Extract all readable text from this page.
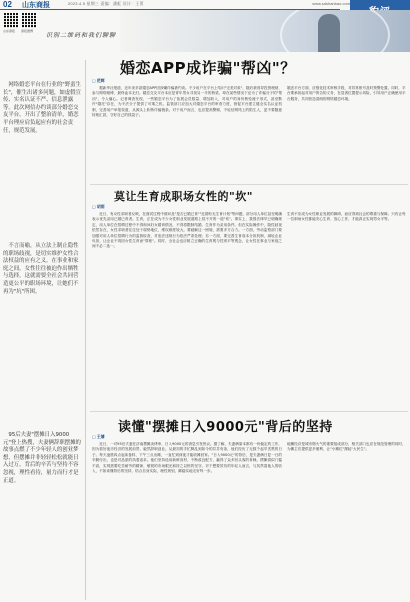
02 山东商报	2023.4.5 星期三 责编：潘虹 设计：王菁	www.sdshanbao.com
山东商报 商报微博
识别二维码和我们聊聊
网络婚恋平台在行业的"野蛮生长"，催生出诸多问题，如虚假宣传、实名认证不严、信息泄露等。此次网信办约谈部分婚恋交友平台，开出了整治清单，婚恋平台理应肩负起应有的社会责任，规范发展。
不言而喻，从立法上制止隐性的职场歧视，是切实维护女性合法权益的应有之义。在事业和家庭之间，女性往往被迫作出牺牲与选择，这就需要全社会共同营造更公平的职场环境，让她们不再为"坑"所困。
95后夫妻"摆摊日入9000元"登上热搜，夫妻俩辞职摆摊的故事点燃了不少年轻人的创业梦想，但摆摊并非轻轻松松就能日入过万，背后的辛苦与坚持不容忽视，理性看待，量力而行才是正道。
婚恋APP成诈骗"帮凶"？
□ 范辉

据新华社报道，近年来多款婚恋APP因涉嫌诈骗被约谈。不少用户在平台上结识"完美对象"，随后被诱导投资理财、参与网络赌博，最终血本无归。婚恋交友平台本应是青年男女寻找另一半的桥梁，却在某些情况下沦为了诈骗分子的"帮凶"，令人痛心。记者调查发现，一些婚恋平台为了拓展会员数量、增加收入，对用户的身份核验流于形式，甚至默许"婚托"存在，为不法分子提供了可乘之机。监管部门应加大对婚恋平台的审查力度，督促平台建立健全实名认证机制，完善用户举报渠道，从源头上斩断诈骗链条。对于用户而言，也应提高警惕，不轻信网络上的陌生人，更不要随意转账汇款，守好自己的钱袋子。

婚恋平台方面，应强化技术审核手段，对异常账号及时预警处置。同时，平台要承担起对用户的告知义务，在显著位置提示风险，引导用户正确使用平台服务，共同营造清朗的网络婚恋环境。
莫让生育成职场女性的"坎"
□ 胡雨

近日，有女性求职者反映，在面试过程中被问及"是否已婚已育""近期有无生育计划"等问题，部分用人单位甚至明确表示优先录用已婚已育者。生育，正在成为不少女性职业发展道路上绕不开的一道"坎"。事实上，我国法律早已明确规定，用人单位在招聘过程中不得询问妇女婚育情况，不得将限制结婚、生育作为录用条件。但在实际操作中，隐性歧视依然存在，女性求职者往往处于弱势地位，维权难度较大。要破解这一困境，需要多方合力。一方面，劳动监察部门要加强对用人单位招聘行为的监督检查，对违法违规行为依法严肃处理；另一方面，要完善生育成本分担机制，减轻企业负担，让企业不再因女性生育而"算账"。同时，全社会也应树立正确的生育观与性别平等观念，让女性在事业与家庭之间不必二选一。

生育不应成为女性职业发展的障碍，而应得到社会的尊重与保障。只有让每一位职场女性都能安心生育、放心工作，才能真正实现男女平等。
读懂"摆摊日入9000元"背后的坚持
□ 王婧

近日，一对95后夫妻在济南摆摊卖烤串，日入9000元的消息引发热议。据了解，夫妻俩原本都有一份稳定的工作，因为看好夜市经济的发展前景，毅然辞职创业。从最初的手忙脚乱到如今的井井有条，他们经历了无数个起早贪黑的日子。每天凌晨四点起床备料，下午三点出摊，一直忙到深夜才能收摊回家。"日入9000元"的背后，是夫妻俩日复一日的辛勤付出，也是对品质的执着追求。他们坚持选用新鲜食材，不断改良配方，赢得了众多回头客的青睐。摆摊看似门槛不高，实则需要吃苦耐劳的精神、敏锐的市场眼光和持之以恒的坚守。对于想要效仿的年轻人而言，与其羡慕他人的收入，不如读懂背后的坚持，结合自身实际，理性规划，脚踏实地走好每一步。

地摊经济是城市烟火气的重要组成部分，相关部门也应在规范管理的同时，为摊主们提供更多便利，让"小摊位"撑起"大民生"。
